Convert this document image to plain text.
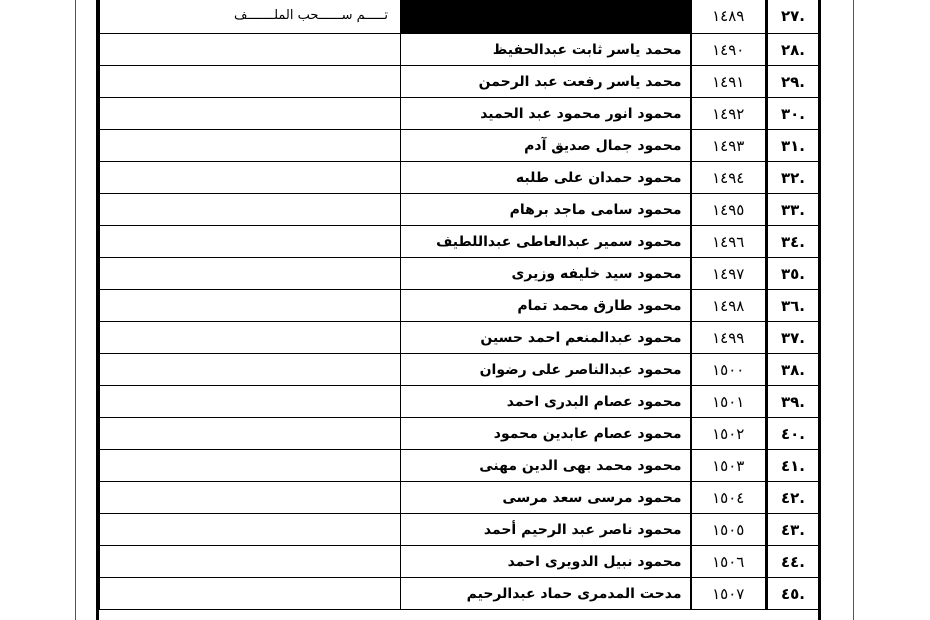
.٢٧	١٤٨٩		تـــــم ســــــحب الملـــــــف
.٢٨	١٤٩٠	محمد ياسر ثابت عبدالحفيظ	
.٢٩	١٤٩١	محمد ياسر رفعت عبد الرحمن	
.٣٠	١٤٩٢	محمود انور محمود عبد الحميد	
.٣١	١٤٩٣	محمود جمال صديق آدم	
.٣٢	١٤٩٤	محمود حمدان على طلبه	
.٣٣	١٤٩٥	محمود سامى ماجد برهام	
.٣٤	١٤٩٦	محمود سمير عبدالعاطى عبداللطيف	
.٣٥	١٤٩٧	محمود سيد خليفه وزيرى	
.٣٦	١٤٩٨	محمود طارق محمد تمام	
.٣٧	١٤٩٩	محمود عبدالمنعم احمد حسين	
.٣٨	١٥٠٠	محمود عبدالناصر على رضوان	
.٣٩	١٥٠١	محمود عصام البدرى احمد	
.٤٠	١٥٠٢	محمود عصام عابدين محمود	
.٤١	١٥٠٣	محمود محمد بهى الدين مهنى	
.٤٢	١٥٠٤	محمود مرسى سعد مرسى	
.٤٣	١٥٠٥	محمود ناصر عبد الرحيم أحمد	
.٤٤	١٥٠٦	محمود نبيل الدويرى احمد	
.٤٥	١٥٠٧	مدحت المدمرى حماد عبدالرحيم	
